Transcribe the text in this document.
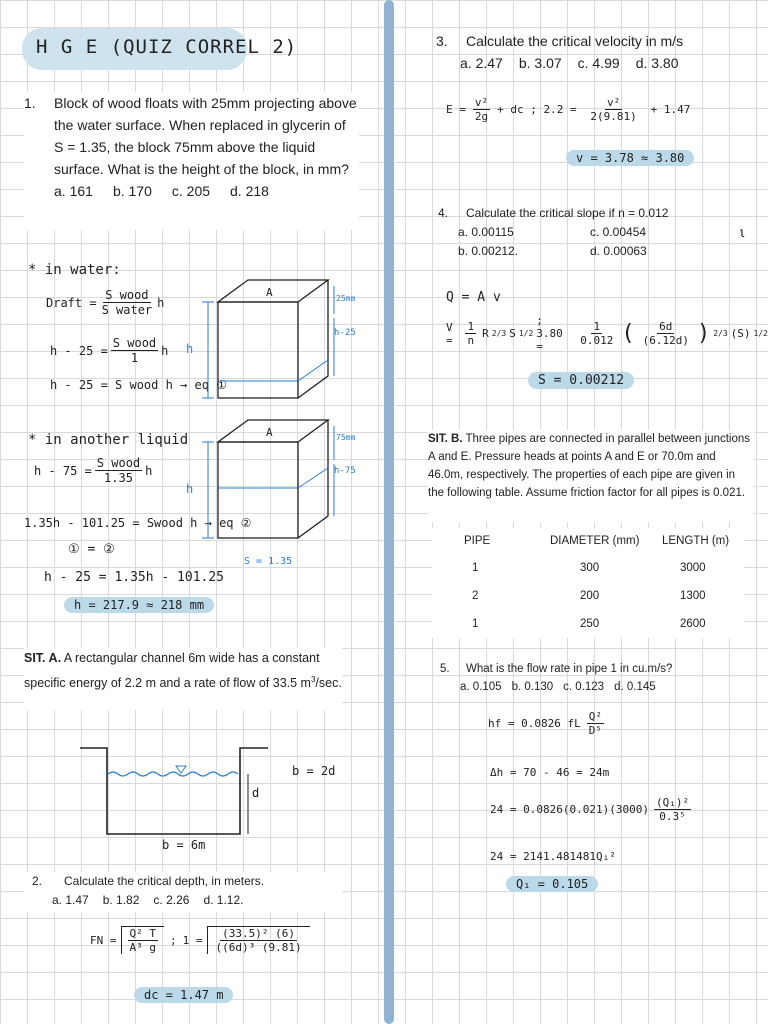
H G E (QUIZ CORREL 2)
1.	Block of wood floats with 25mm projecting above the water surface. When replaced in glycerin of S = 1.35, the block 75mm above the liquid surface. What is the height of the block, in mm?
a. 161 b. 170 c. 205 d. 218
* in water:
Draft = $\frac{\text{S wood}}{\text{S water}}$ h
$h - 25 = \frac{\text{S wood}}{1}$ h
h - 25 = S wood h → eq ①
* in another liquid
$h - 75 = \frac{\text{S wood}}{1.35}$ h
1.35h - 101.25 = Swood h → eq ②
① = ②
h - 25 = 1.35h - 101.25
h = 217.9 ≈ 218 mm
A	25mm
h-25
h
A	75mm
h-75
h
S = 1.35
SIT. A. A rectangular channel 6m wide has a constant specific energy of 2.2 m and a rate of flow of 33.5 $m^3/\sec$.
b = 2d
d
b = 6m
2.	Calculate the critical depth, in meters.
a. 1.47 b. 1.82 c. 2.26 d. 1.12.
FN = $\frac{\text{Q² T}}{\text{A³ g}}$ ; $1 = \frac{\text{(33.5)² (6)}}{\text{((6d)³ (9.81)}}$
dc = 1.47 m
3.	Calculate the critical velocity in m/s
a. 2.47 b. 3.07 c. 4.99 d. 3.80
$E = \frac{\text{v²}}{2g}$ + dc ; $2.2 = \frac{\text{v²}}{2(9.81)} + 1.47$
v = 3.78 ≈ 3.80
4.	Calculate the critical slope if n = 0.012
a. 0.00115	c. 0.00454
b. 0.00212.	d. 0.00063
ι
Q = A v
V =	$\frac{1}{n}$ R 2/3 S 1/2
; 3.80 =	$\frac{1}{0.012}$ ( $\frac{6d}{(6.12d)}$ ) 2/3 (S) 1/2
S = 0.00212
SIT. B. Three pipes are connected in parallel between junctions A and E. Pressure heads at points A and E or 70.0m and 46.0m, respectively. The properties of each pipe are given in the following table. Assume friction factor for all pipes is 0.021.
PIPE	DIAMETER (mm)	LENGTH (m)
1	300	3000
2	200	1300
1	250	2600
5.	What is the flow rate in pipe 1 in cu.m/s?
a. 0.105 b. 0.130 c. 0.123 d. 0.145
hf = 0.0826 fL $\frac{\text{Q²}}{\text{D⁵}}$
Δh = 70 - 46 = 24m
$24 = 0.0826(0.021)(3000) \frac{\text{(Q₁)²}}{\text{0.3⁵}}$
24 = 2141.481481Q₁²
Q₁ = 0.105
